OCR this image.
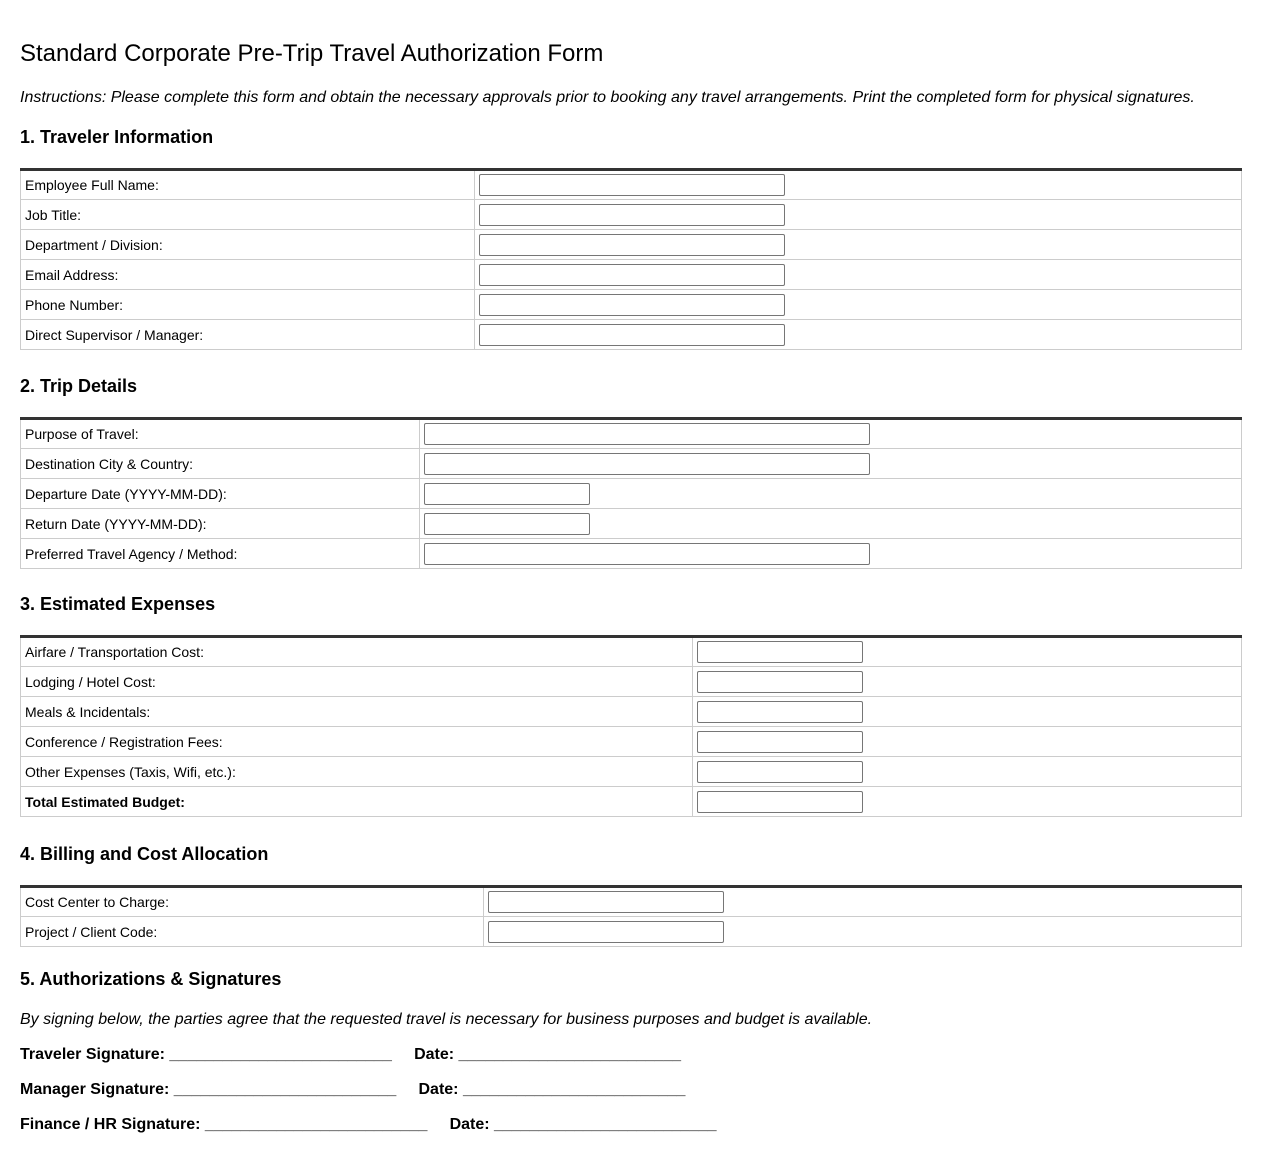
Standard Corporate Pre-Trip Travel Authorization Form

Instructions: Please complete this form and obtain the necessary approvals prior to booking any travel arrangements. Print the completed form for physical signatures.

1. Traveler Information
Employee Full Name:	

Job Title:	

Department / Division:	

Email Address:	

Phone Number:	

Direct Supervisor / Manager:	
2. Trip Details
Purpose of Travel:	

Destination City & Country:	

Departure Date (YYYY-MM-DD):	

Return Date (YYYY-MM-DD):	

Preferred Travel Agency / Method:	
3. Estimated Expenses
Airfare / Transportation Cost:	

Lodging / Hotel Cost:	

Meals & Incidentals:	

Conference / Registration Fees:	

Other Expenses (Taxis, Wifi, etc.):	

Total Estimated Budget:	
4. Billing and Cost Allocation
Cost Center to Charge:	

Project / Client Code:	
5. Authorizations & Signatures

By signing below, the parties agree that the requested travel is necessary for business purposes and budget is available.

Traveler Signature: _________________________     Date: _________________________
Manager Signature: _________________________     Date: _________________________
Finance / HR Signature: _________________________     Date: _________________________
